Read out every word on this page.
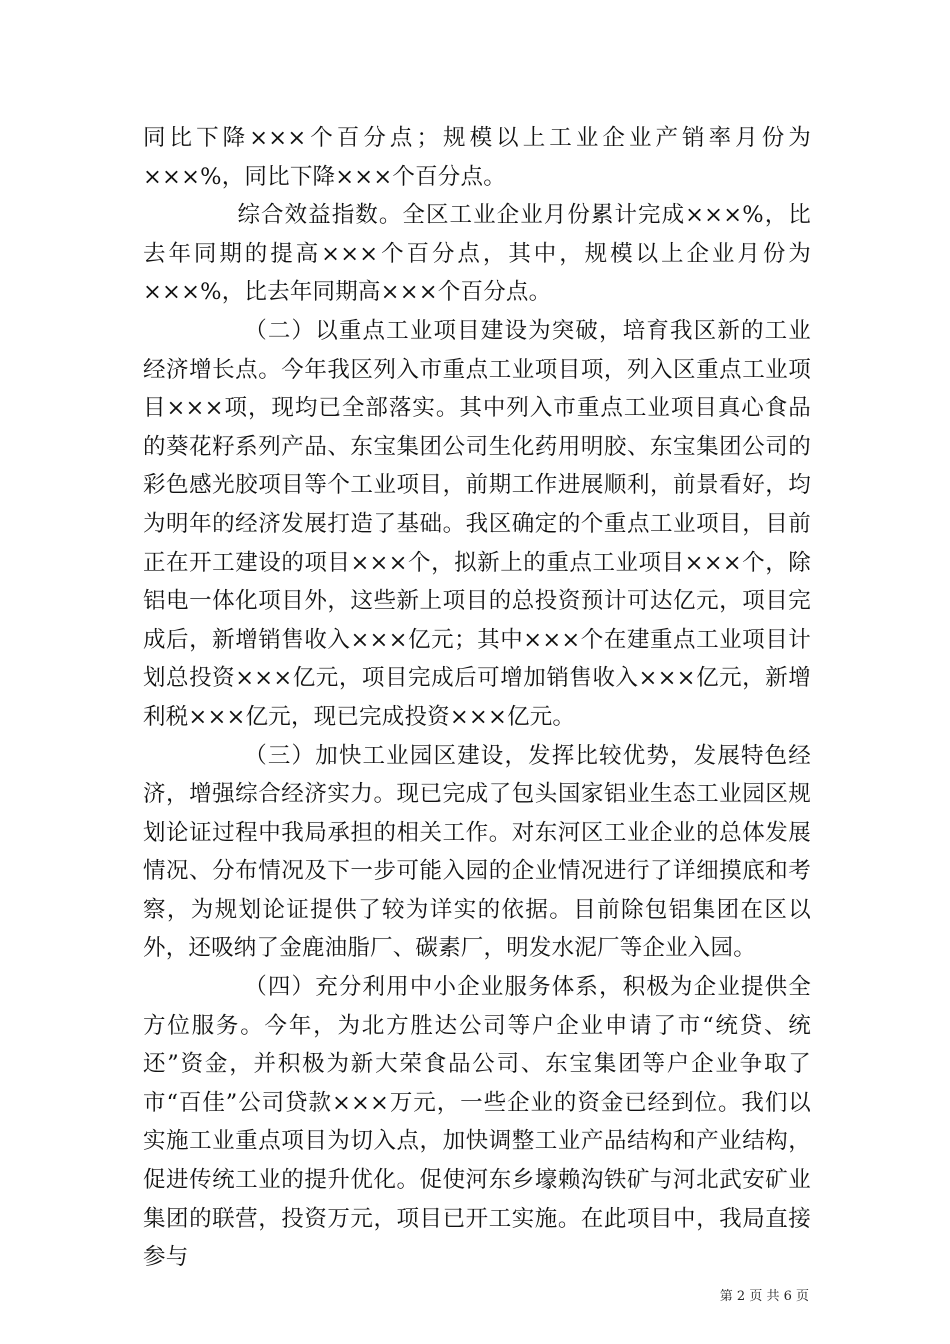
同比下降×××个百分点；规模以上工业企业产销率月份为×××%，同比下降×××个百分点。

综合效益指数。全区工业企业月份累计完成×××%，比去年同期的提高×××个百分点，其中，规模以上企业月份为×××%，比去年同期高×××个百分点。

（二）以重点工业项目建设为突破，培育我区新的工业经济增长点。今年我区列入市重点工业项目项，列入区重点工业项目×××项，现均已全部落实。其中列入市重点工业项目真心食品的葵花籽系列产品、东宝集团公司生化药用明胶、东宝集团公司的彩色感光胶项目等个工业项目，前期工作进展顺利，前景看好，均为明年的经济发展打造了基础。我区确定的个重点工业项目，目前正在开工建设的项目×××个，拟新上的重点工业项目×××个，除铝电一体化项目外，这些新上项目的总投资预计可达亿元，项目完成后，新增销售收入×××亿元；其中×××个在建重点工业项目计划总投资×××亿元，项目完成后可增加销售收入×××亿元，新增利税×××亿元，现已完成投资×××亿元。

（三）加快工业园区建设，发挥比较优势，发展特色经济，增强综合经济实力。现已完成了包头国家铝业生态工业园区规划论证过程中我局承担的相关工作。对东河区工业企业的总体发展情况、分布情况及下一步可能入园的企业情况进行了详细摸底和考察，为规划论证提供了较为详实的依据。目前除包铝集团在区以外，还吸纳了金鹿油脂厂、碳素厂，明发水泥厂等企业入园。

（四）充分利用中小企业服务体系，积极为企业提供全方位服务。今年，为北方胜达公司等户企业申请了市“统贷、统还”资金，并积极为新大荣食品公司、东宝集团等户企业争取了市“百佳”公司贷款×××万元，一些企业的资金已经到位。我们以实施工业重点项目为切入点，加快调整工业产品结构和产业结构，促进传统工业的提升优化。促使河东乡壕赖沟铁矿与河北武安矿业集团的联营，投资万元，项目已开工实施。在此项目中，我局直接参与

第 2 页 共 6 页
